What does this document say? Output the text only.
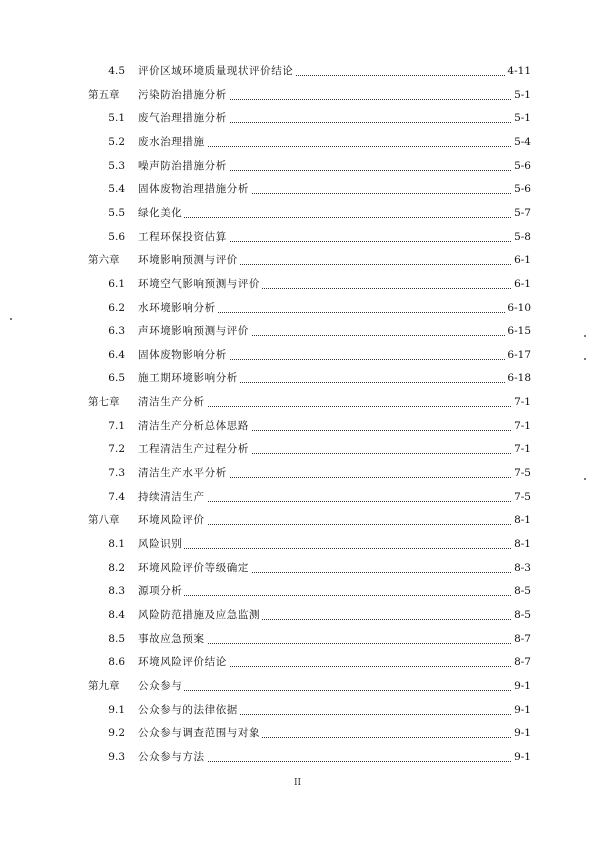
4.5 评价区域环境质量现状评价结论	4-11
第五章 污染防治措施分析	5-1
5.1 废气治理措施分析	5-1
5.2 废水治理措施	5-4
5.3 噪声防治措施分析	5-6
5.4 固体废物治理措施分析	5-6
5.5 绿化美化	5-7
5.6 工程环保投资估算	5-8
第六章 环境影响预测与评价	6-1
6.1 环境空气影响预测与评价	6-1
6.2 水环境影响分析	6-10
6.3 声环境影响预测与评价	6-15
6.4 固体废物影响分析	6-17
6.5 施工期环境影响分析	6-18
第七章 清洁生产分析	7-1
7.1 清洁生产分析总体思路	7-1
7.2 工程清洁生产过程分析	7-1
7.3 清洁生产水平分析	7-5
7.4 持续清洁生产	7-5
第八章 环境风险评价	8-1
8.1 风险识别	8-1
8.2 环境风险评价等级确定	8-3
8.3 源项分析	8-5
8.4 风险防范措施及应急监测	8-5
8.5 事故应急预案	8-7
8.6 环境风险评价结论	8-7
第九章 公众参与	9-1
9.1 公众参与的法律依据	9-1
9.2 公众参与调查范围与对象	9-1
9.3 公众参与方法	9-1
II
